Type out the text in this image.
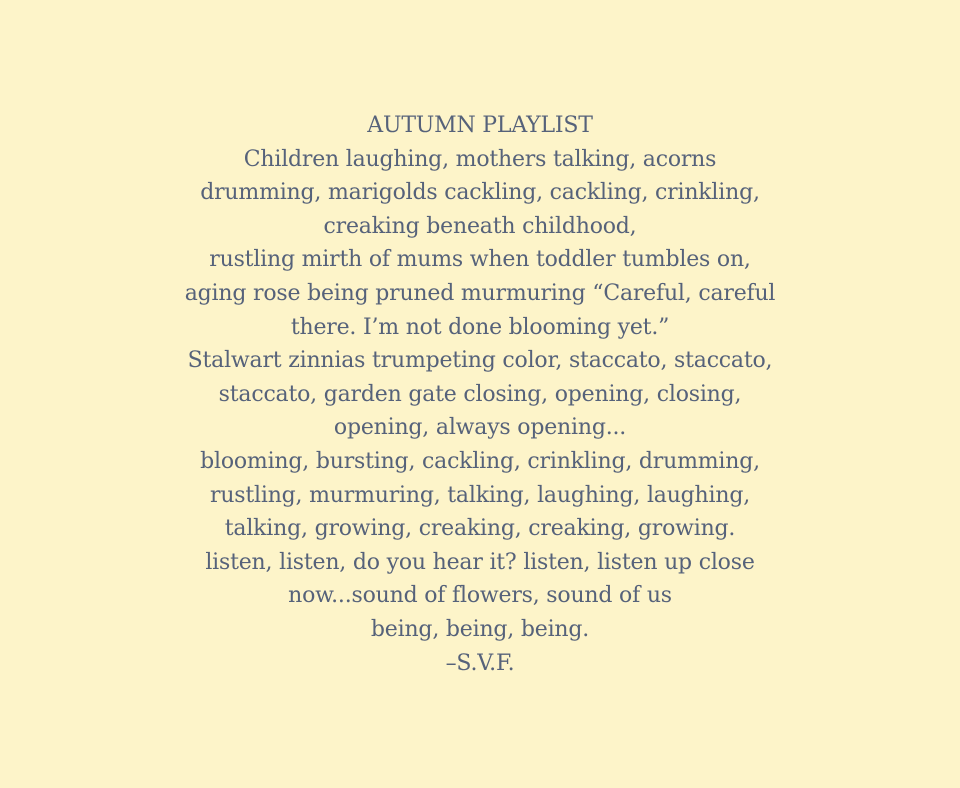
AUTUMN PLAYLIST
Children laughing, mothers talking, acorns
drumming, marigolds cackling, cackling, crinkling,
creaking beneath childhood,
rustling mirth of mums when toddler tumbles on,
aging rose being pruned murmuring “Careful, careful
there. I’m not done blooming yet.”
Stalwart zinnias trumpeting color, staccato, staccato,
staccato, garden gate closing, opening, closing,
opening, always opening...
blooming, bursting, cackling, crinkling, drumming,
rustling, murmuring, talking, laughing, laughing,
talking, growing, creaking, creaking, growing.
listen, listen, do you hear it? listen, listen up close
now...sound of flowers, sound of us
being, being, being.
–S.V.F.
